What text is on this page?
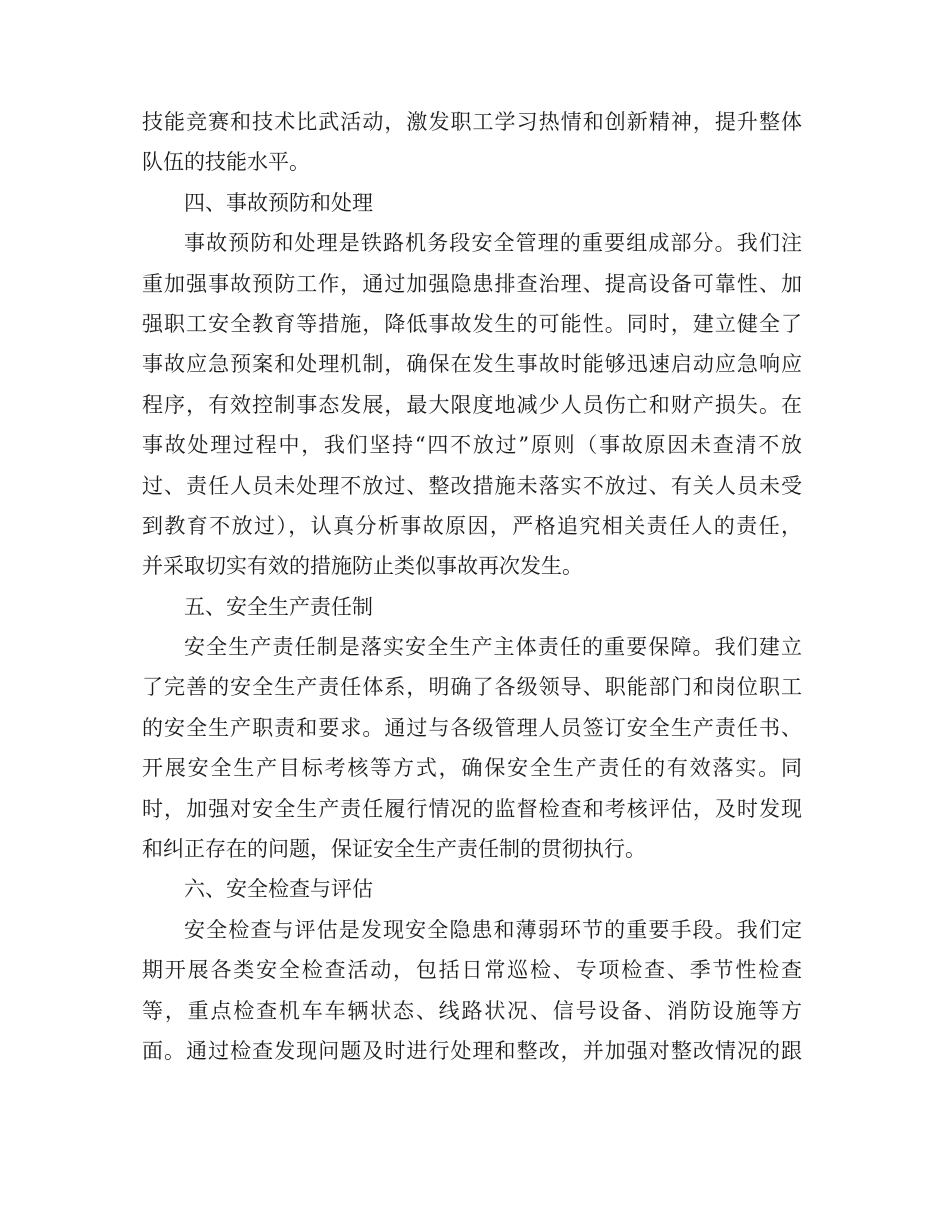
技能竞赛和技术比武活动，激发职工学习热情和创新精神，提升整体
队伍的技能水平。
四、事故预防和处理
事故预防和处理是铁路机务段安全管理的重要组成部分。我们注
重加强事故预防工作，通过加强隐患排查治理、提高设备可靠性、加
强职工安全教育等措施，降低事故发生的可能性。同时，建立健全了
事故应急预案和处理机制，确保在发生事故时能够迅速启动应急响应
程序，有效控制事态发展，最大限度地减少人员伤亡和财产损失。在
事故处理过程中，我们坚持“四不放过”原则（事故原因未查清不放
过、责任人员未处理不放过、整改措施未落实不放过、有关人员未受
到教育不放过），认真分析事故原因，严格追究相关责任人的责任，
并采取切实有效的措施防止类似事故再次发生。
五、安全生产责任制
安全生产责任制是落实安全生产主体责任的重要保障。我们建立
了完善的安全生产责任体系，明确了各级领导、职能部门和岗位职工
的安全生产职责和要求。通过与各级管理人员签订安全生产责任书、
开展安全生产目标考核等方式，确保安全生产责任的有效落实。同
时，加强对安全生产责任履行情况的监督检查和考核评估，及时发现
和纠正存在的问题，保证安全生产责任制的贯彻执行。
六、安全检查与评估
安全检查与评估是发现安全隐患和薄弱环节的重要手段。我们定
期开展各类安全检查活动，包括日常巡检、专项检查、季节性检查
等，重点检查机车车辆状态、线路状况、信号设备、消防设施等方
面。通过检查发现问题及时进行处理和整改，并加强对整改情况的跟
